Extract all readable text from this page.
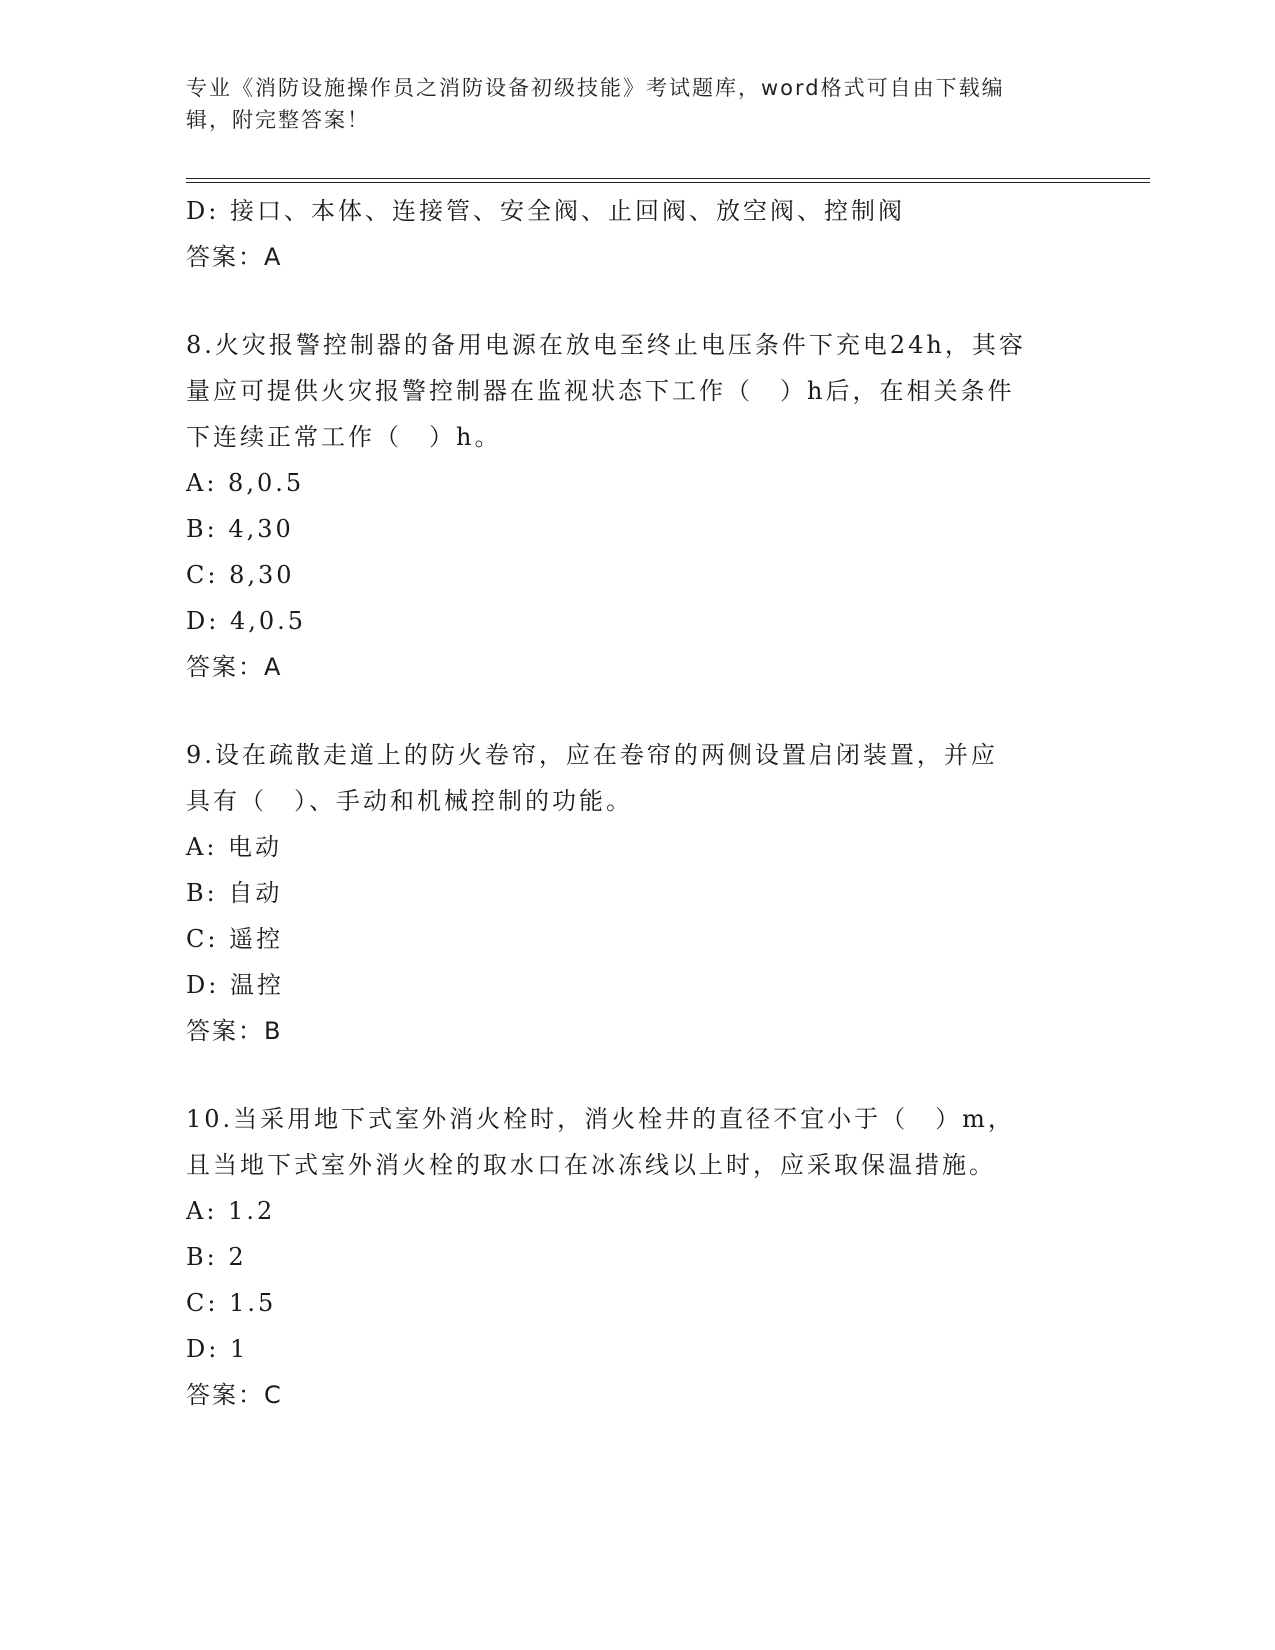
专业《消防设施操作员之消防设备初级技能》考试题库，word格式可自由下载编
辑，附完整答案！
D: 接口、本体、连接管、安全阀、止回阀、放空阀、控制阀
答案：A
8.火灾报警控制器的备用电源在放电至终止电压条件下充电24h，其容
量应可提供火灾报警控制器在监视状态下工作（　）h后，在相关条件
下连续正常工作（　）h。
A: 8,0.5
B: 4,30
C: 8,30
D: 4,0.5
答案：A
9.设在疏散走道上的防火卷帘，应在卷帘的两侧设置启闭装置，并应
具有（　）、手动和机械控制的功能。
A: 电动
B: 自动
C: 遥控
D: 温控
答案：B
10.当采用地下式室外消火栓时，消火栓井的直径不宜小于（　）m，
且当地下式室外消火栓的取水口在冰冻线以上时，应采取保温措施。
A: 1.2
B: 2
C: 1.5
D: 1
答案：C
